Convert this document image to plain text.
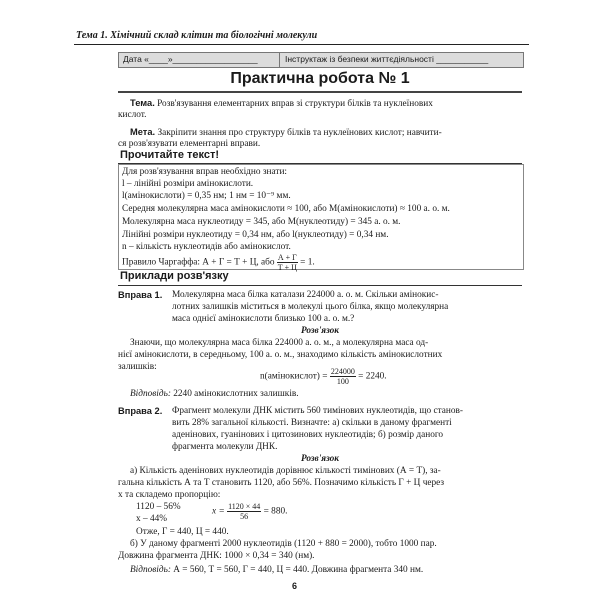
Тема 1. Хімічний склад клітин та біологічні молекули
Дата «____»__________________	Інструктаж із безпеки життєдіяльності ___________
Практична робота № 1
Тема. Розв'язування елементарних вправ зі структури білків та нуклеїнових
кислот.
Мета. Закріпити знання про структуру білків та нуклеїнових кислот; навчити-
ся розв'язувати елементарні вправи.
Прочитайте текст!
Для розв'язування вправ необхідно знати:
l – лінійні розміри амінокислоти.
l(амінокислоти) = 0,35 нм; 1 нм = 10⁻⁹ мм.
Середня молекулярна маса амінокислоти ≈ 100, або M(амінокислоти) ≈ 100 а. о. м.
Молекулярна маса нуклеотиду = 345, або M(нуклеотиду) = 345 а. о. м.
Лінійні розміри нуклеотиду = 0,34 нм, або l(нуклеотиду) = 0,34 нм.
n – кількість нуклеотидів або амінокислот.
Правило Чаргаффа: А + Г = Т + Ц, або $\frac{А + Г}{Т + Ц} = 1$.
Приклади розв'язку
Вправа 1. Молекулярна маса білка каталази 224000 а. о. м. Скільки амінокис-
лотних залишків міститься в молекулі цього білка, якщо молекулярна
маса однієї амінокислоти близько 100 а. о. м.?
Розв'язок
Знаючи, що молекулярна маса білка 224000 а. о. м., а молекулярна маса од-
нієї амінокислоти, в середньому, 100 а. о. м., знаходимо кількість амінокислотних
залишків:
n(амінокислот) = $\frac{224000}{100} = 2240$.
Відповідь: 2240 амінокислотних залишків.
Вправа 2. Фрагмент молекули ДНК містить 560 тимінових нуклеотидів, що станов-
вить 28% загальної кількості. Визначте: а) скільки в даному фрагменті
аденінових, гуанінових і цитозинових нуклеотидів; б) розмір даного
фрагмента молекули ДНК.
Розв'язок
а) Кількість аденінових нуклеотидів дорівнює кількості тимінових (А = Т), за-
гальна кількість А та Т становить 1120, або 56%. Позначимо кількість Г + Ц через
x та складемо пропорцію:
1120 – 56%
x – 44%
$x = \frac{1120 \times 44}{56} = 880$.
Отже, Г = 440, Ц = 440.
б) У даному фрагменті 2000 нуклеотидів (1120 + 880 = 2000), тобто 1000 пар.
Довжина фрагмента ДНК: 1000 × 0,34 = 340 (нм).
Відповідь: А = 560, Т = 560, Г = 440, Ц = 440. Довжина фрагмента 340 нм.
6
